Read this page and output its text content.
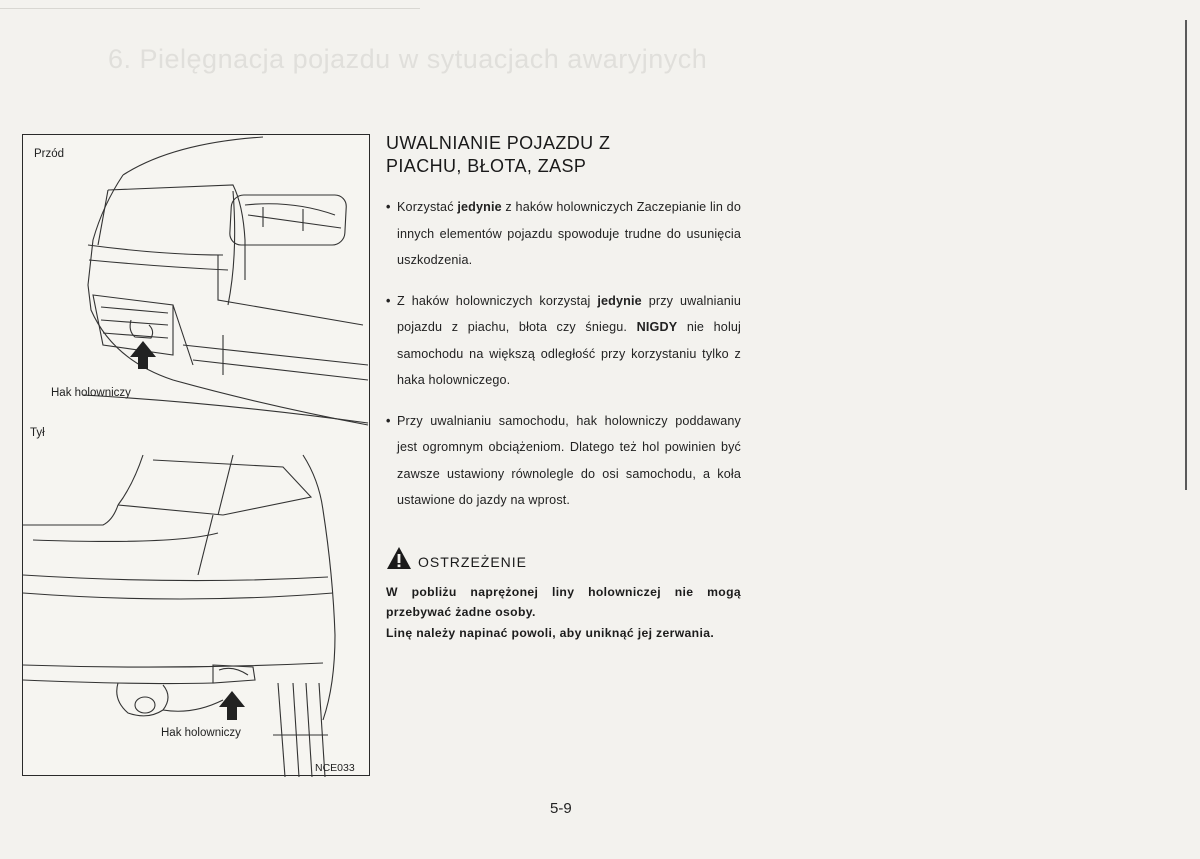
6. Pielęgnacja pojazdu w sytuacjach awaryjnych
Przód
Hak holowniczy
Tył
Hak holowniczy
NCE033
UWALNIANIE POJAZDU Z
PIACHU, BŁOTA, ZASP

• Korzystać jedynie z haków holowniczych Zaczepianie lin do innych elementów pojazdu spowoduje trudne do usunięcia uszkodzenia.

• Z haków holowniczych korzystaj jedynie przy uwalnianiu pojazdu z piachu, błota czy śniegu. NIGDY nie holuj samochodu na większą odległość przy korzystaniu tylko z haka holowniczego.

• Przy uwalnianiu samochodu, hak holowniczy poddawany jest ogromnym obciążeniom. Dlatego też hol powinien być zawsze ustawiony równolegle do osi samochodu, a koła ustawione do jazdy na wprost.

OSTRZEŻENIE

W pobliżu naprężonej liny holowniczej nie mogą przebywać żadne osoby.
Linę należy napinać powoli, aby uniknąć jej zerwania.

5-9
